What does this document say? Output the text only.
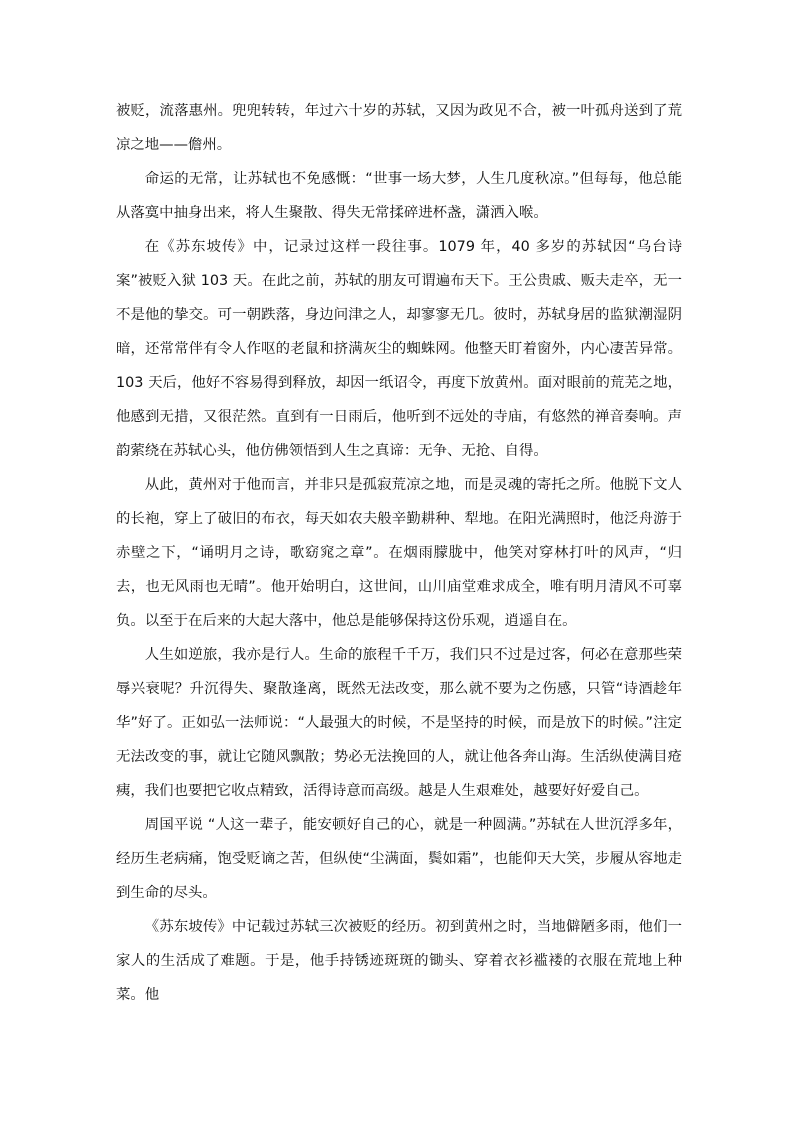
被贬，流落惠州。兜兜转转，年过六十岁的苏轼，又因为政见不合，被一叶孤舟送到了荒凉之地——儋州。

命运的无常，让苏轼也不免感慨：“世事一场大梦，人生几度秋凉。”但每每，他总能从落寞中抽身出来，将人生聚散、得失无常揉碎进杯盏，潇洒入喉。

在《苏东坡传》中，记录过这样一段往事。1079 年，40 多岁的苏轼因“乌台诗案”被贬入狱 103 天。在此之前，苏轼的朋友可谓遍布天下。王公贵戚、贩夫走卒，无一不是他的挚交。可一朝跌落，身边问津之人，却寥寥无几。彼时，苏轼身居的监狱潮湿阴暗，还常常伴有令人作呕的老鼠和挤满灰尘的蜘蛛网。他整天盯着窗外，内心凄苦异常。103 天后，他好不容易得到释放，却因一纸诏令，再度下放黄州。面对眼前的荒芜之地，他感到无措，又很茫然。直到有一日雨后，他听到不远处的寺庙，有悠然的禅音奏响。声韵萦绕在苏轼心头，他仿佛领悟到人生之真谛：无争、无抢、自得。

从此，黄州对于他而言，并非只是孤寂荒凉之地，而是灵魂的寄托之所。他脱下文人的长袍，穿上了破旧的布衣，每天如农夫般辛勤耕种、犁地。在阳光满照时，他泛舟游于赤壁之下，“诵明月之诗，歌窈窕之章”。在烟雨朦胧中，他笑对穿林打叶的风声，“归去，也无风雨也无晴”。他开始明白，这世间，山川庙堂难求成全，唯有明月清风不可辜负。以至于在后来的大起大落中，他总是能够保持这份乐观，逍遥自在。

人生如逆旅，我亦是行人。生命的旅程千千万，我们只不过是过客，何必在意那些荣辱兴衰呢？升沉得失、聚散逢离，既然无法改变，那么就不要为之伤感，只管“诗酒趁年华”好了。正如弘一法师说：“人最强大的时候，不是坚持的时候，而是放下的时候。”注定无法改变的事，就让它随风飘散；势必无法挽回的人，就让他各奔山海。生活纵使满目疮痍，我们也要把它收点精致，活得诗意而高级。越是人生艰难处，越要好好爱自己。

周国平说 “人这一辈子，能安顿好自己的心，就是一种圆满。”苏轼在人世沉浮多年，经历生老病痛，饱受贬谪之苦，但纵使“尘满面，鬓如霜”，也能仰天大笑，步履从容地走到生命的尽头。

《苏东坡传》中记载过苏轼三次被贬的经历。初到黄州之时，当地僻陋多雨，他们一家人的生活成了难题。于是，他手持锈迹斑斑的锄头、穿着衣衫褴褛的衣服在荒地上种菜。他
